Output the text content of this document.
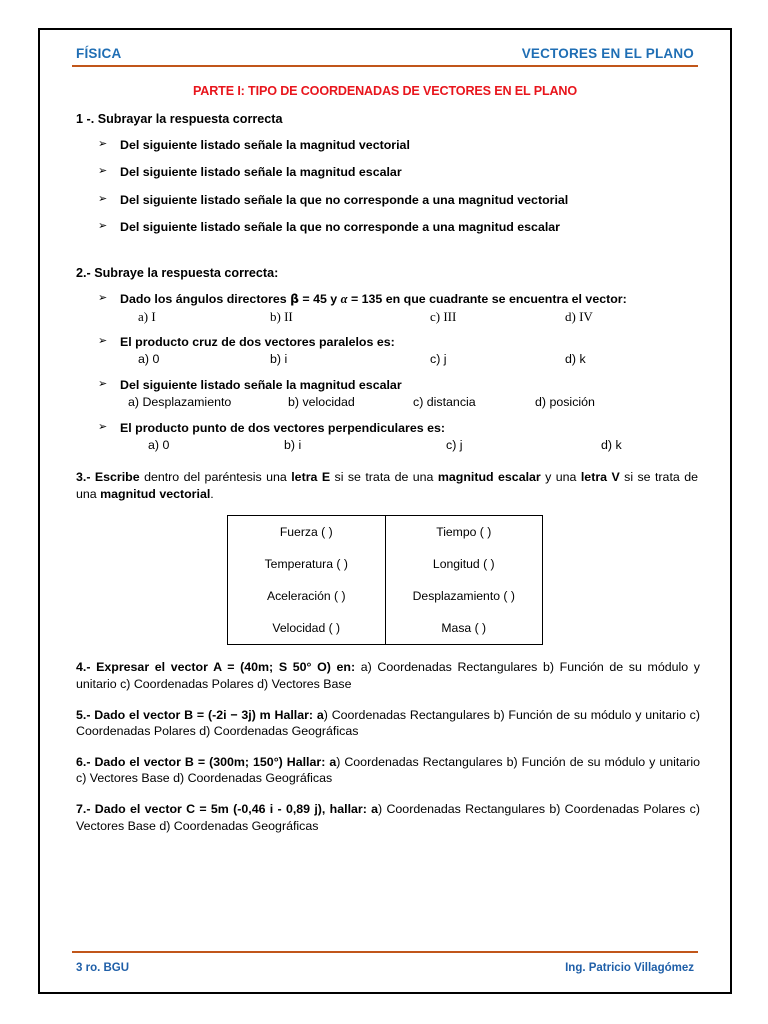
FÍSICA	VECTORES EN EL PLANO
PARTE I: TIPO DE COORDENADAS DE VECTORES EN EL PLANO
1 -. Subrayar la respuesta correcta
➢ Del siguiente listado señale la magnitud vectorial
➢ Del siguiente listado señale la magnitud escalar
➢ Del siguiente listado señale la que no corresponde a una magnitud vectorial
➢ Del siguiente listado señale la que no corresponde a una magnitud escalar
2.- Subraye la respuesta correcta:
➢ Dado los ángulos directores β = 45 y α = 135 en que cuadrante se encuentra el vector:
a) I	b) II	c) III	d) IV
➢ El producto cruz de dos vectores paralelos es:
a) 0	b) i	c) j	d) k
➢ Del siguiente listado señale la magnitud escalar
a) Desplazamiento	b) velocidad	c) distancia	d) posición
➢ El producto punto de dos vectores perpendiculares es:
a) 0	b) i	c) j	d) k
3.- Escribe dentro del paréntesis una letra E si se trata de una magnitud escalar y una letra V si se trata de una magnitud vectorial.
Fuerza ( )	Tiempo ( )
Temperatura ( )	Longitud ( )
Aceleración ( )	Desplazamiento ( )
Velocidad ( )	Masa ( )
4.- Expresar el vector A = (40m; S 50° O) en: a) Coordenadas Rectangulares b) Función de su módulo y unitario c) Coordenadas Polares d) Vectores Base
5.- Dado el vector B = (-2i − 3j) m Hallar: a) Coordenadas Rectangulares b) Función de su módulo y unitario c) Coordenadas Polares d) Coordenadas Geográficas
6.- Dado el vector B = (300m; 150°) Hallar: a) Coordenadas Rectangulares b) Función de su módulo y unitario c) Vectores Base d) Coordenadas Geográficas
7.- Dado el vector C = 5m (-0,46 i - 0,89 j), hallar: a) Coordenadas Rectangulares b) Coordenadas Polares c) Vectores Base d) Coordenadas Geográficas
3 ro. BGU	Ing. Patricio Villagómez
